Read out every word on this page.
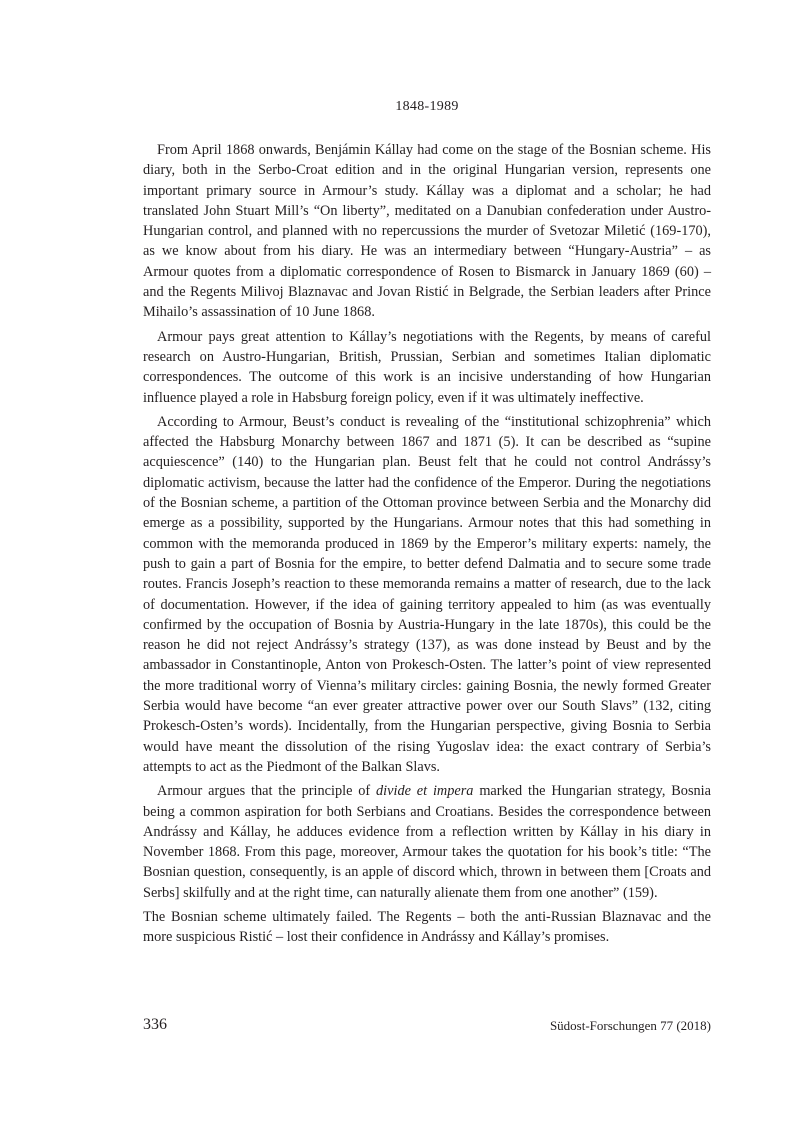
1848-1989

From April 1868 onwards, Benjámin Kállay had come on the stage of the Bosnian scheme. His diary, both in the Serbo-Croat edition and in the original Hungarian version, represents one important primary source in Armour’s study. Kállay was a diplomat and a scholar; he had translated John Stuart Mill’s “On liberty”, meditated on a Danubian confederation under Austro-Hungarian control, and planned with no repercussions the murder of Svetozar Miletić (169-170), as we know about from his diary. He was an intermediary between “Hungary-Austria” – as Armour quotes from a diplomatic correspondence of Rosen to Bismarck in January 1869 (60) – and the Regents Milivoj Blaznavac and Jovan Ristić in Belgrade, the Serbian leaders after Prince Mihailo’s assassination of 10 June 1868.

Armour pays great attention to Kállay’s negotiations with the Regents, by means of careful research on Austro-Hungarian, British, Prussian, Serbian and sometimes Italian diplomatic correspondences. The outcome of this work is an incisive understanding of how Hungarian influence played a role in Habsburg foreign policy, even if it was ultimately ineffective.

According to Armour, Beust’s conduct is revealing of the “institutional schizophrenia” which affected the Habsburg Monarchy between 1867 and 1871 (5). It can be described as “supine acquiescence” (140) to the Hungarian plan. Beust felt that he could not control Andrássy’s diplomatic activism, because the latter had the confidence of the Emperor. During the negotiations of the Bosnian scheme, a partition of the Ottoman province between Serbia and the Monarchy did emerge as a possibility, supported by the Hungarians. Armour notes that this had something in common with the memoranda produced in 1869 by the Emperor’s military experts: namely, the push to gain a part of Bosnia for the empire, to better defend Dalmatia and to secure some trade routes. Francis Joseph’s reaction to these memoranda remains a matter of research, due to the lack of documentation. However, if the idea of gaining territory appealed to him (as was eventually confirmed by the occupation of Bosnia by Austria-Hungary in the late 1870s), this could be the reason he did not reject Andrássy’s strategy (137), as was done instead by Beust and by the ambassador in Constantinople, Anton von Prokesch-Osten. The latter’s point of view represented the more traditional worry of Vienna’s military circles: gaining Bosnia, the newly formed Greater Serbia would have become “an ever greater attractive power over our South Slavs” (132, citing Prokesch-Osten’s words). Incidentally, from the Hungarian perspective, giving Bosnia to Serbia would have meant the dissolution of the rising Yugoslav idea: the exact contrary of Serbia’s attempts to act as the Piedmont of the Balkan Slavs.

Armour argues that the principle of divide et impera marked the Hungarian strategy, Bosnia being a common aspiration for both Serbians and Croatians. Besides the correspondence between Andrássy and Kállay, he adduces evidence from a reflection written by Kállay in his diary in November 1868. From this page, moreover, Armour takes the quotation for his book’s title: “The Bosnian question, consequently, is an apple of discord which, thrown in between them [Croats and Serbs] skilfully and at the right time, can naturally alienate them from one another” (159).

The Bosnian scheme ultimately failed. The Regents – both the anti-Russian Blaznavac and the more suspicious Ristić – lost their confidence in Andrássy and Kállay’s promises.

336	Südost-Forschungen 77 (2018)
